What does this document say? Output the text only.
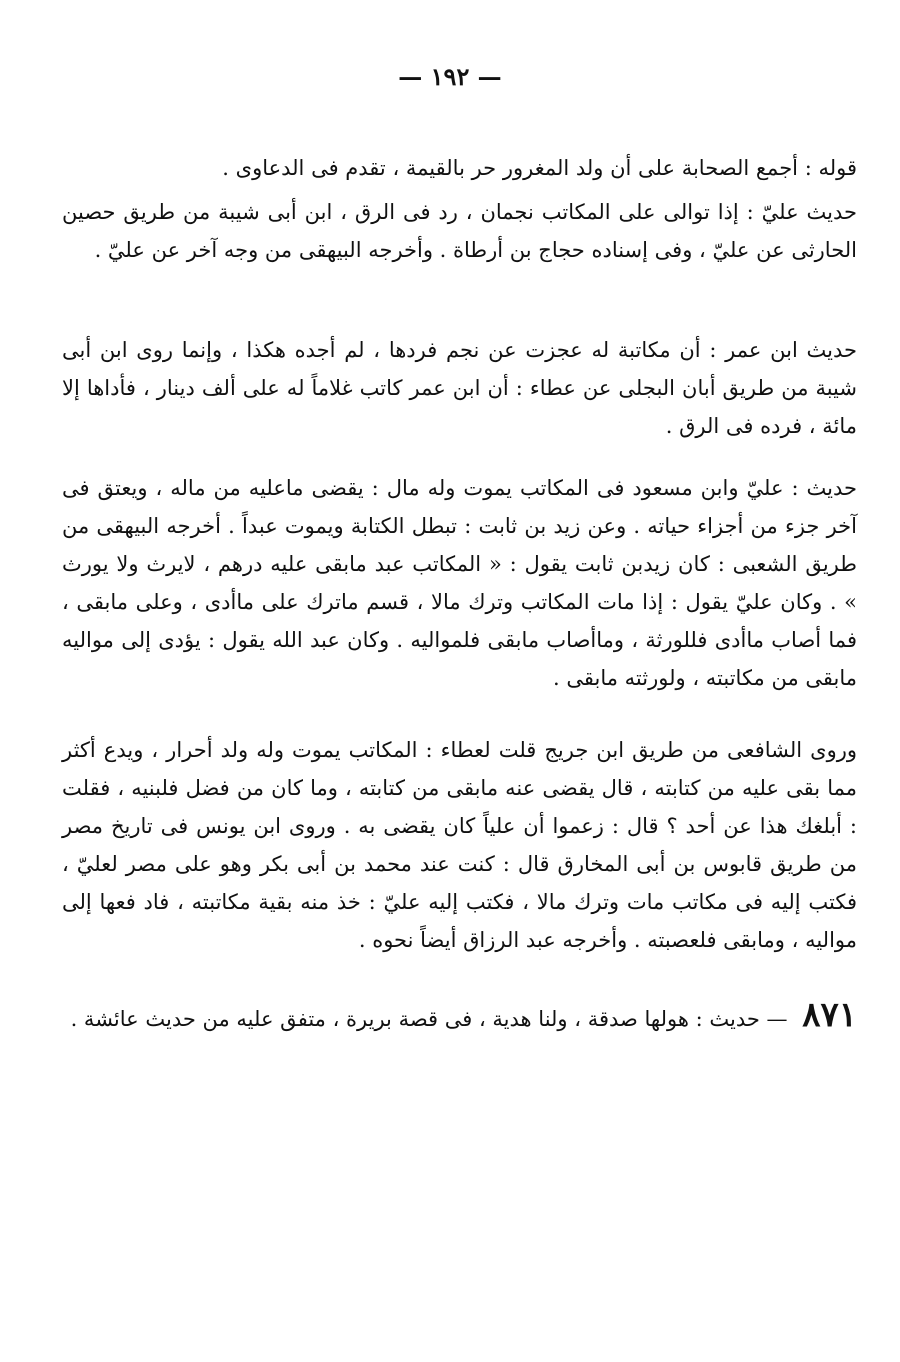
— ١٩٢ —

قوله : أجمع الصحابة على أن ولد المغرور حر بالقيمة ، تقدم فى الدعاوى .

حديث عليّ : إذا توالى على المكاتب نجمان ، رد فى الرق ، ابن أبى شيبة من طريق حصين الحارثى عن عليّ ، وفى إسناده حجاج بن أرطاة . وأخرجه البيهقى من وجه آخر عن عليّ .

حديث ابن عمر : أن مكاتبة له عجزت عن نجم فردها ، لم أجده هكذا ، وإنما روى ابن أبى شيبة من طريق أبان البجلى عن عطاء : أن ابن عمر كاتب غلاماً له على ألف دينار ، فأداها إلا مائة ، فرده فى الرق .

حديث : عليّ وابن مسعود فى المكاتب يموت وله مال : يقضى ماعليه من ماله ، ويعتق فى آخر جزء من أجزاء حياته . وعن زيد بن ثابت : تبطل الكتابة ويموت عبداً . أخرجه البيهقى من طريق الشعبى : كان زيدبن ثابت يقول : « المكاتب عبد مابقى عليه درهم ، لايرث ولا يورث » . وكان عليّ يقول : إذا مات المكاتب وترك مالا ، قسم ماترك على ماأدى ، وعلى مابقى ، فما أصاب ماأدى فللورثة ، وماأصاب مابقى فلمواليه . وكان عبد الله يقول : يؤدى إلى مواليه مابقى من مكاتبته ، ولورثته مابقى .

وروى الشافعى من طريق ابن جريج قلت لعطاء : المكاتب يموت وله ولد أحرار ، ويدع أكثر مما بقى عليه من كتابته ، قال يقضى عنه مابقى من كتابته ، وما كان من فضل فلبنيه ، فقلت : أبلغك هذا عن أحد ؟ قال : زعموا أن علياً كان يقضى به . وروى ابن يونس فى تاريخ مصر من طريق قابوس بن أبى المخارق قال : كنت عند محمد بن أبى بكر وهو على مصر لعليّ ، فكتب إليه فى مكاتب مات وترك مالا ، فكتب إليه عليّ : خذ منه بقية مكاتبته ، فاد فعها إلى مواليه ، ومابقى فلعصبته . وأخرجه عبد الرزاق أيضاً نحوه .

٨٧١ — حديث : هولها صدقة ، ولنا هدية ، فى قصة بريرة ، متفق عليه من حديث عائشة .
